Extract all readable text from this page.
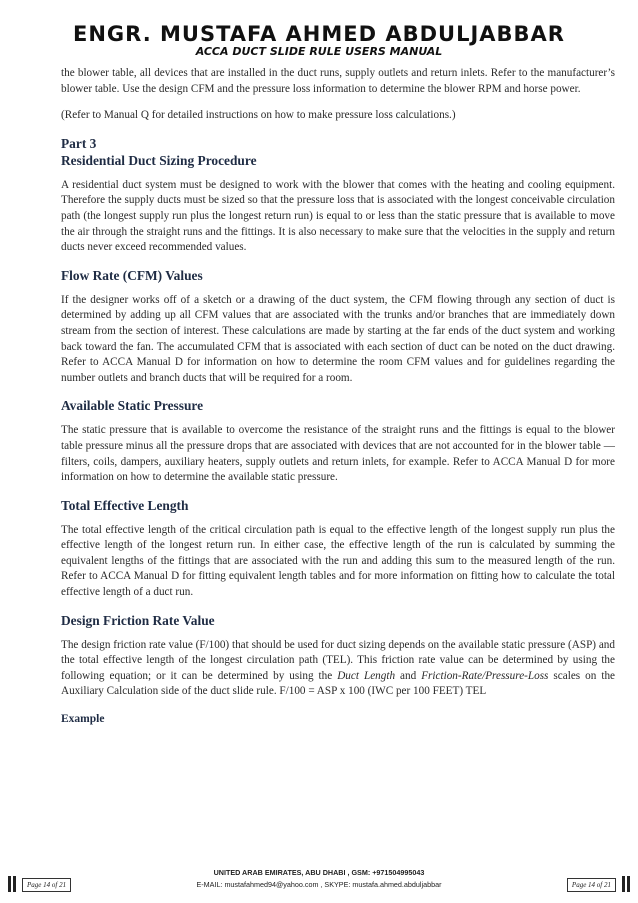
ENGR. MUSTAFA AHMED ABDULJABBAR
ACCA DUCT SLIDE RULE USERS MANUAL

the blower table, all devices that are installed in the duct runs, supply outlets and return inlets. Refer to the manufacturer’s blower table. Use the design CFM and the pressure loss information to determine the blower RPM and horse power.

(Refer to Manual Q for detailed instructions on how to make pressure loss calculations.)

Part 3
Residential Duct Sizing Procedure

A residential duct system must be designed to work with the blower that comes with the heating and cooling equipment. Therefore the supply ducts must be sized so that the pressure loss that is associated with the longest conceivable circulation path (the longest supply run plus the longest return run) is equal to or less than the static pressure that is available to move the air through the straight runs and the fittings. It is also necessary to make sure that the velocities in the supply and return ducts never exceed recommended values.

Flow Rate (CFM) Values

If the designer works off of a sketch or a drawing of the duct system, the CFM flowing through any section of duct is determined by adding up all CFM values that are associated with the trunks and/or branches that are immediately down stream from the section of interest. These calculations are made by starting at the far ends of the duct system and working back toward the fan. The accumulated CFM that is associated with each section of duct can be noted on the duct drawing. Refer to ACCA Manual D for information on how to determine the room CFM values and for guidelines regarding the number outlets and branch ducts that will be required for a room.

Available Static Pressure

The static pressure that is available to overcome the resistance of the straight runs and the fittings is equal to the blower table pressure minus all the pressure drops that are associated with devices that are not accounted for in the blower table — filters, coils, dampers, auxiliary heaters, supply outlets and return inlets, for example. Refer to ACCA Manual D for more information on how to determine the available static pressure.

Total Effective Length

The total effective length of the critical circulation path is equal to the effective length of the longest supply run plus the effective length of the longest return run. In either case, the effective length of the run is calculated by summing the equivalent lengths of the fittings that are associated with the run and adding this sum to the measured length of the run. Refer to ACCA Manual D for fitting equivalent length tables and for more information on fitting how to calculate the total effective length of a duct run.

Design Friction Rate Value

The design friction rate value (F/100) that should be used for duct sizing depends on the available static pressure (ASP) and the total effective length of the longest circulation path (TEL). This friction rate value can be determined by using the following equation; or it can be determined by using the Duct Length and Friction-Rate/Pressure-Loss scales on the Auxiliary Calculation side of the duct slide rule. F/100 = ASP x 100 (IWC per 100 FEET) TEL

Example
Page 14 of 21
UNITED ARAB EMIRATES, ABU DHABI , GSM: +971504995043
E-MAIL: mustafahmed94@yahoo.com , SKYPE: mustafa.ahmed.abduljabbar	Page 14 of 21
